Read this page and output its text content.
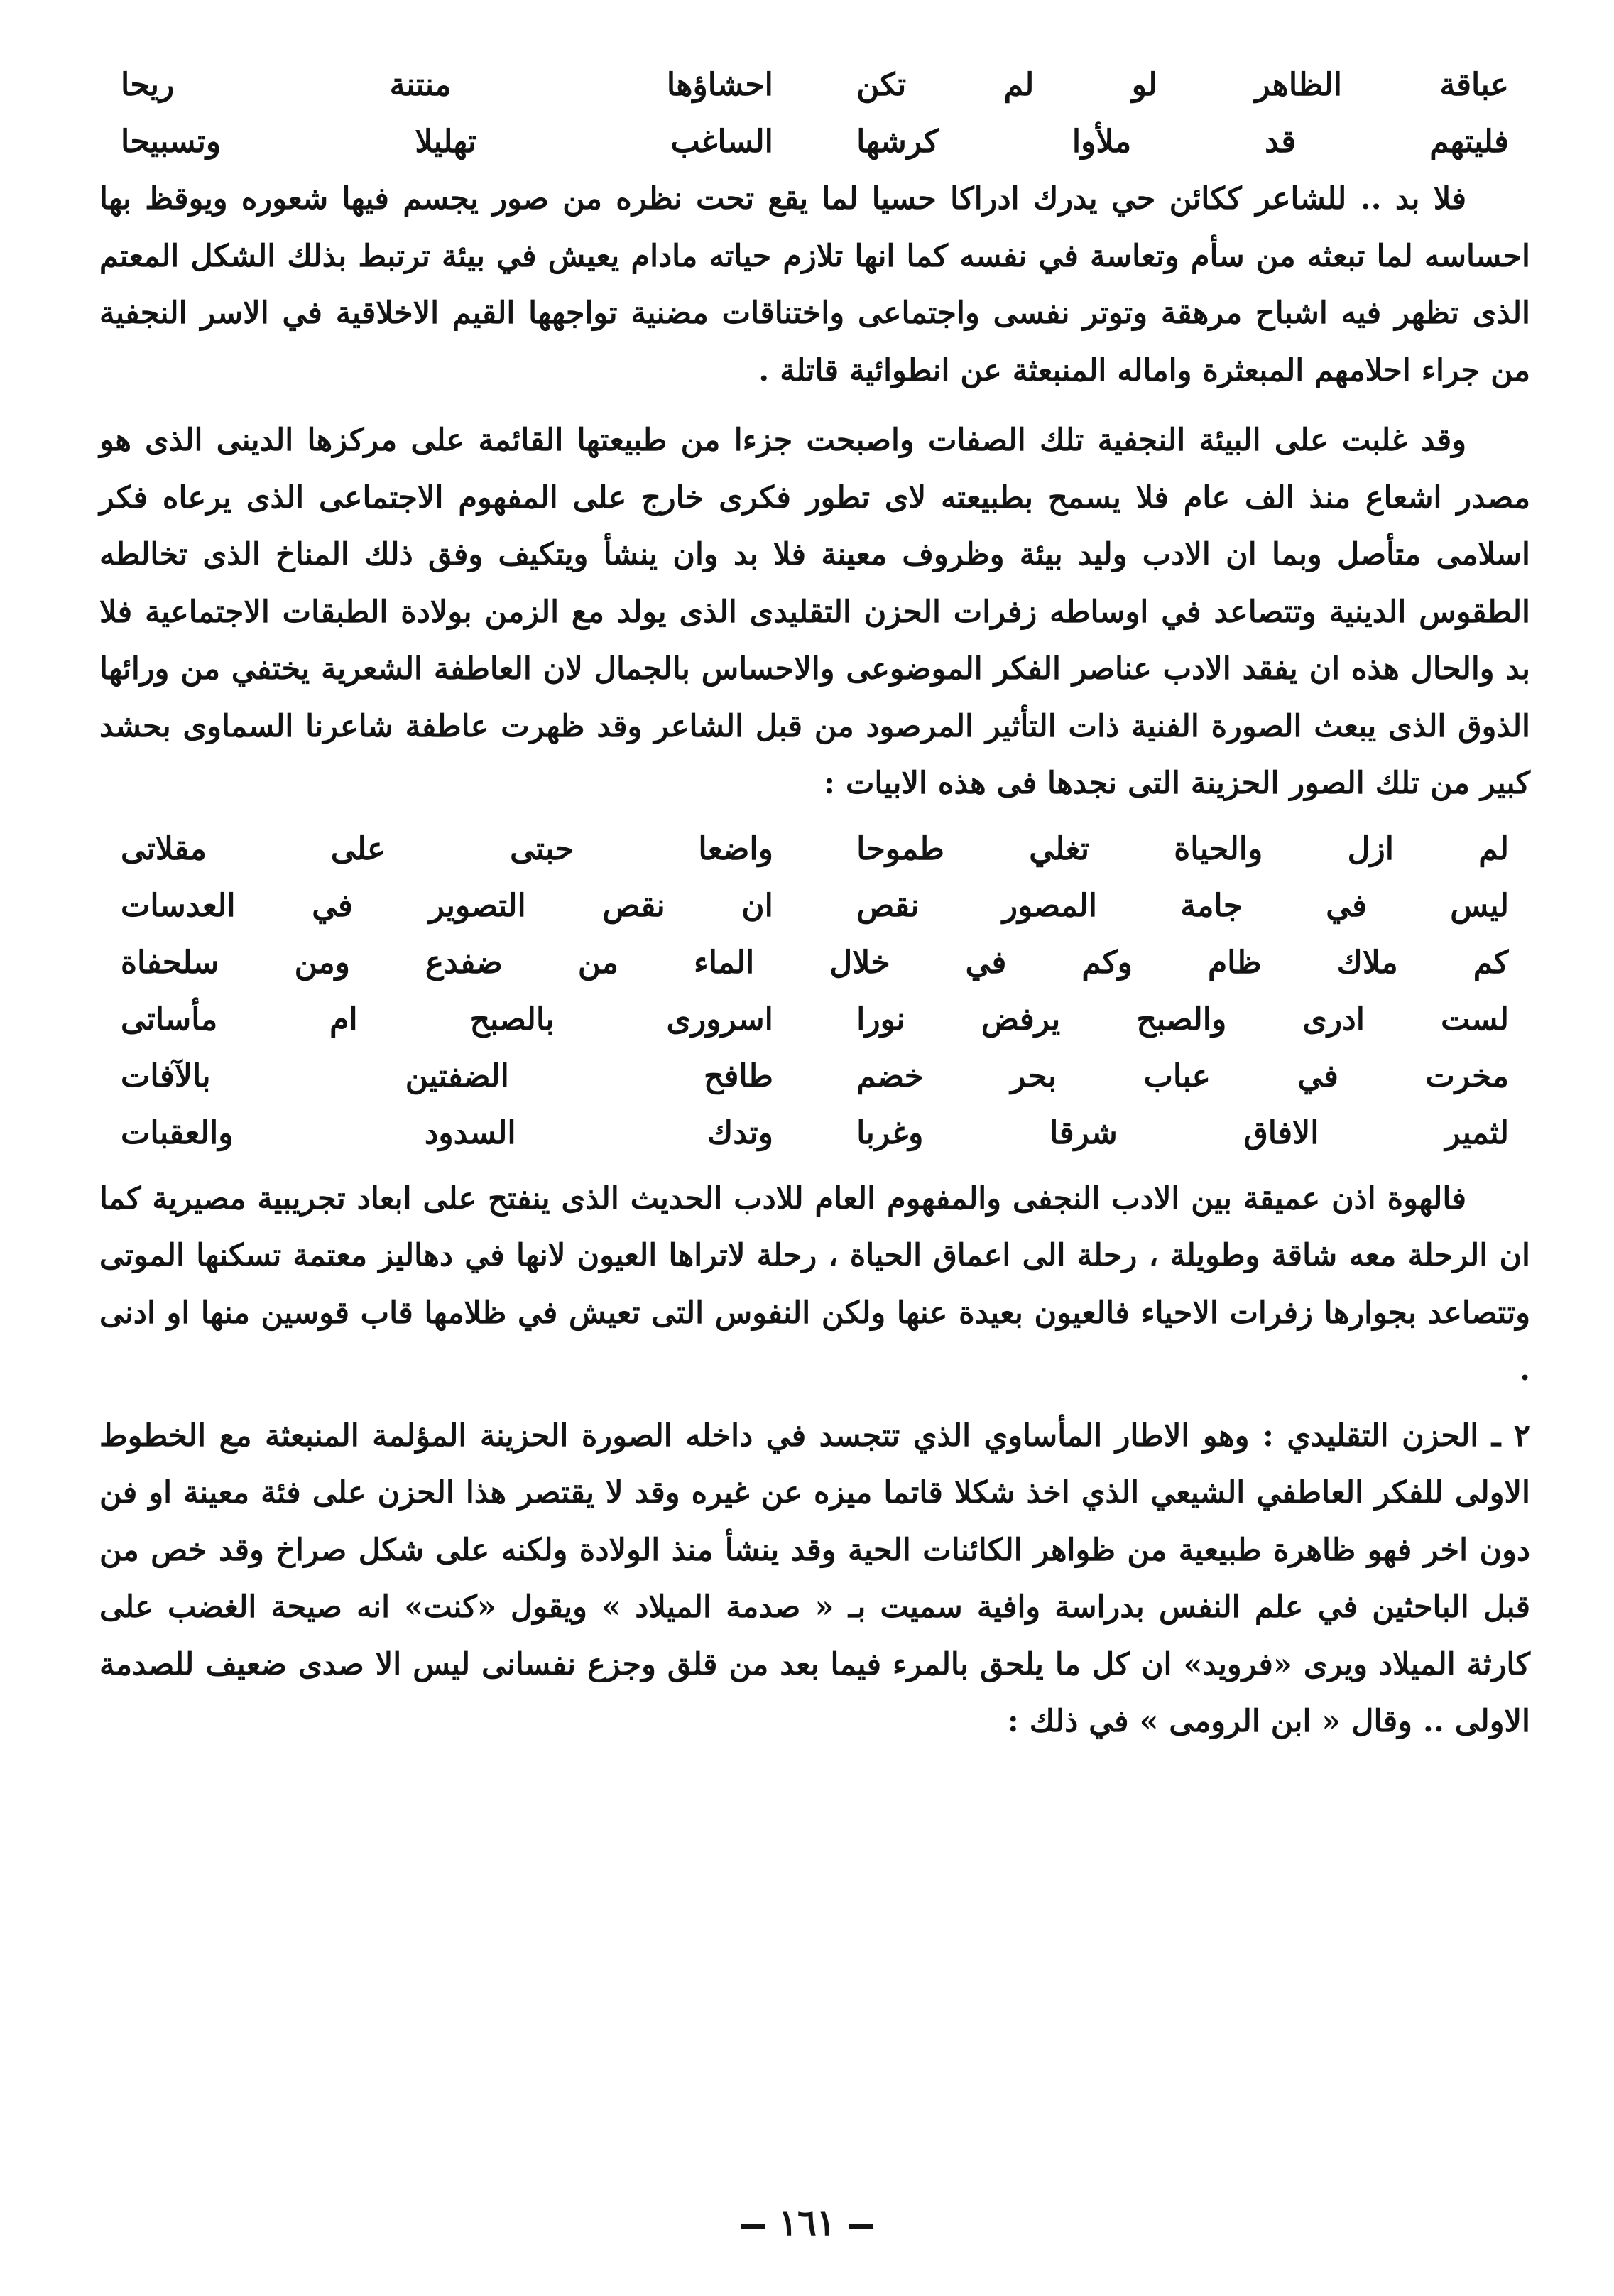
عباقة الظاهر لو لم تكن
احشاؤها منتنة ريحا
فليتهم قد ملأوا كرشها
الساغب تهليلا وتسبيحا

فلا بد .. للشاعر ككائن حي يدرك ادراكا حسيا لما يقع تحت نظره من صور يجسم فيها شعوره ويوقظ بها احساسه لما تبعثه من سأم وتعاسة في نفسه كما انها تلازم حياته مادام يعيش في بيئة ترتبط بذلك الشكل المعتم الذى تظهر فيه اشباح مرهقة وتوتر نفسى واجتماعى واختناقات مضنية تواجهها القيم الاخلاقية في الاسر النجفية من جراء احلامهم المبعثرة واماله المنبعثة عن انطوائية قاتلة .

وقد غلبت على البيئة النجفية تلك الصفات واصبحت جزءا من طبيعتها القائمة على مركزها الدينى الذى هو مصدر اشعاع منذ الف عام فلا يسمح بطبيعته لاى تطور فكرى خارج على المفهوم الاجتماعى الذى يرعاه فكر اسلامى متأصل وبما ان الادب وليد بيئة وظروف معينة فلا بد وان ينشأ ويتكيف وفق ذلك المناخ الذى تخالطه الطقوس الدينية وتتصاعد في اوساطه زفرات الحزن التقليدى الذى يولد مع الزمن بولادة الطبقات الاجتماعية فلا بد والحال هذه ان يفقد الادب عناصر الفكر الموضوعى والاحساس بالجمال لان العاطفة الشعرية يختفي من ورائها الذوق الذى يبعث الصورة الفنية ذات التأثير المرصود من قبل الشاعر وقد ظهرت عاطفة شاعرنا السماوى بحشد كبير من تلك الصور الحزينة التى نجدها فى هذه الابيات :

لم ازل والحياة تغلي طموحا
واضعا حبتى على مقلاتى
ليس في جامة المصور نقص
ان نقص التصوير في العدسات
كم ملاك ظام وكم في خلال الماء من ضفدع ومن سلحفاة
لست ادرى والصبح يرفض نورا
اسرورى بالصبح ام مأساتى
مخرت في عباب بحر خضم
طافح الضفتين بالآفات
لثمير الافاق شرقا وغربا
وتدك السدود والعقبات

فالهوة اذن عميقة بين الادب النجفى والمفهوم العام للادب الحديث الذى ينفتح على ابعاد تجريبية مصيرية كما ان الرحلة معه شاقة وطويلة ، رحلة الى اعماق الحياة ، رحلة لاتراها العيون لانها في دهاليز معتمة تسكنها الموتى وتتصاعد بجوارها زفرات الاحياء فالعيون بعيدة عنها ولكن النفوس التى تعيش في ظلامها قاب قوسين منها او ادنى .

٢ ـ الحزن التقليدي : وهو الاطار المأساوي الذي تتجسد في داخله الصورة الحزينة المؤلمة المنبعثة مع الخطوط الاولى للفكر العاطفي الشيعي الذي اخذ شكلا قاتما ميزه عن غيره وقد لا يقتصر هذا الحزن على فئة معينة او فن دون اخر فهو ظاهرة طبيعية من ظواهر الكائنات الحية وقد ينشأ منذ الولادة ولكنه على شكل صراخ وقد خص من قبل الباحثين في علم النفس بدراسة وافية سميت بـ « صدمة الميلاد » ويقول «كنت» انه صيحة الغضب على كارثة الميلاد ويرى «فرويد» ان كل ما يلحق بالمرء فيما بعد من قلق وجزع نفسانى ليس الا صدى ضعيف للصدمة الاولى .. وقال « ابن الرومى » في ذلك :

١٦١
